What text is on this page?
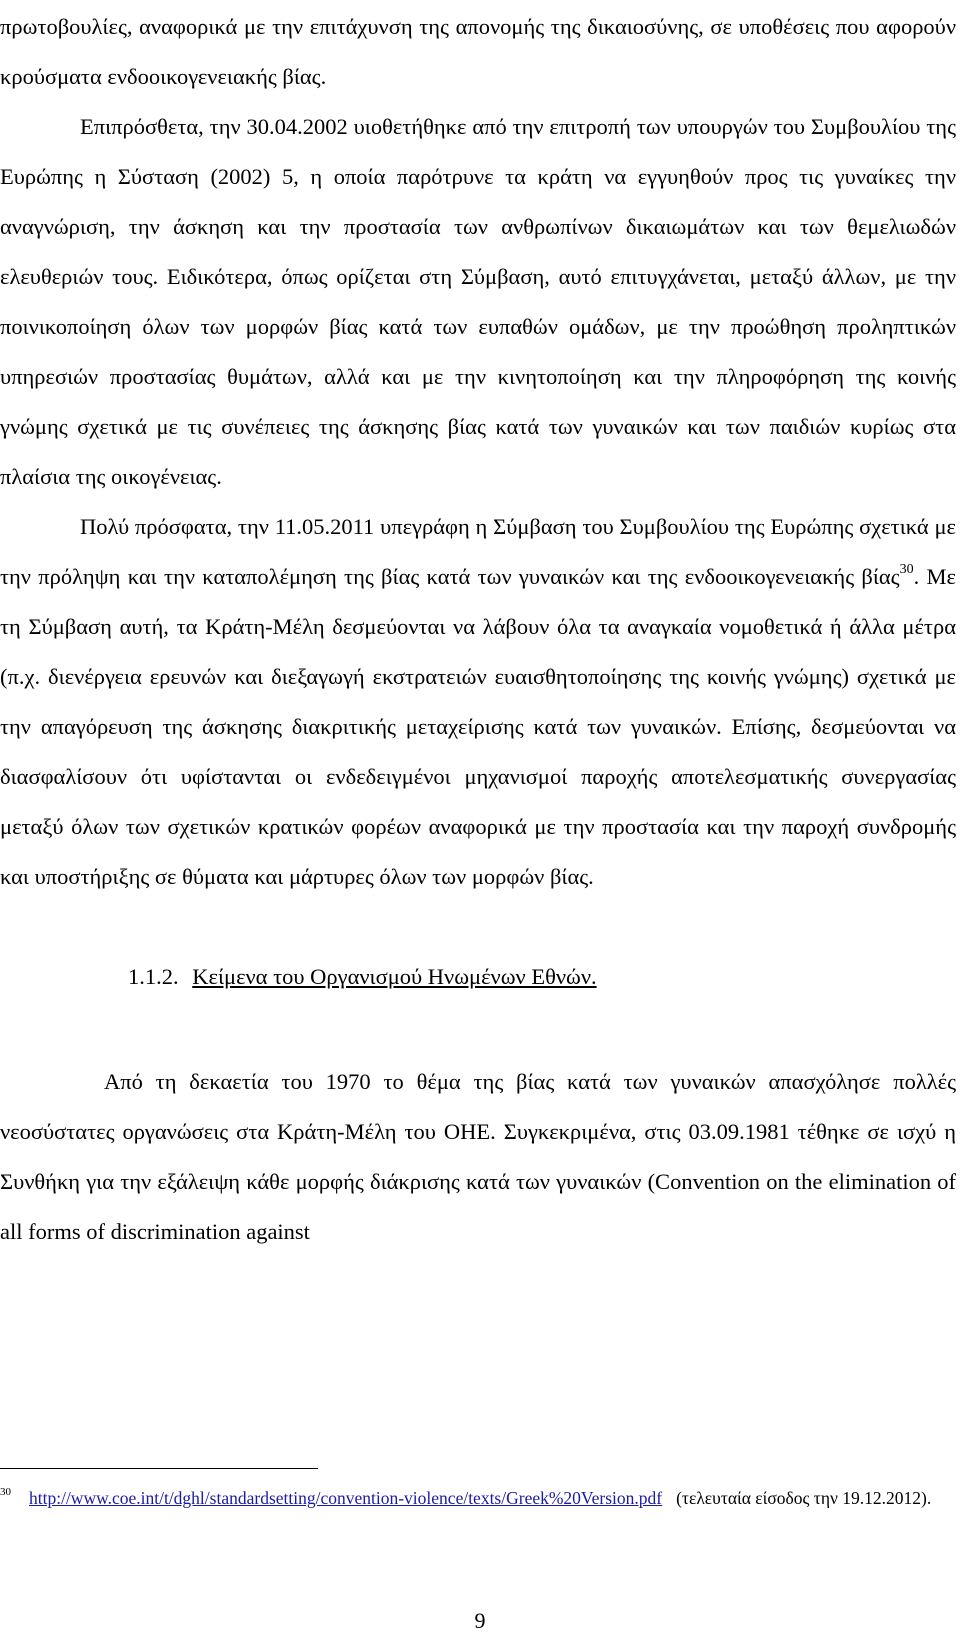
πρωτοβουλίες, αναφορικά με την επιτάχυνση της απονομής της δικαιοσύνης, σε υποθέσεις που αφορούν κρούσματα ενδοοικογενειακής βίας.

Επιπρόσθετα, την 30.04.2002 υιοθετήθηκε από την επιτροπή των υπουργών του Συμβουλίου της Ευρώπης η Σύσταση (2002) 5, η οποία παρότρυνε τα κράτη να εγγυηθούν προς τις γυναίκες την αναγνώριση, την άσκηση και την προστασία των ανθρωπίνων δικαιωμάτων και των θεμελιωδών ελευθεριών τους. Ειδικότερα, όπως ορίζεται στη Σύμβαση, αυτό επιτυγχάνεται, μεταξύ άλλων, με την ποινικοποίηση όλων των μορφών βίας κατά των ευπαθών ομάδων, με την προώθηση προληπτικών υπηρεσιών προστασίας θυμάτων, αλλά και με την κινητοποίηση και την πληροφόρηση της κοινής γνώμης σχετικά με τις συνέπειες της άσκησης βίας κατά των γυναικών και των παιδιών κυρίως στα πλαίσια της οικογένειας.

Πολύ πρόσφατα, την 11.05.2011 υπεγράφη η Σύμβαση του Συμβουλίου της Ευρώπης σχετικά με την πρόληψη και την καταπολέμηση της βίας κατά των γυναικών και της ενδοοικογενειακής βίας$^{30}$. Με τη Σύμβαση αυτή, τα Κράτη-Μέλη δεσμεύονται να λάβουν όλα τα αναγκαία νομοθετικά ή άλλα μέτρα (π.χ. διενέργεια ερευνών και διεξαγωγή εκστρατειών ευαισθητοποίησης της κοινής γνώμης) σχετικά με την απαγόρευση της άσκησης διακριτικής μεταχείρισης κατά των γυναικών. Επίσης, δεσμεύονται να διασφαλίσουν ότι υφίστανται οι ενδεδειγμένοι μηχανισμοί παροχής αποτελεσματικής συνεργασίας μεταξύ όλων των σχετικών κρατικών φορέων αναφορικά με την προστασία και την παροχή συνδρομής και υποστήριξης σε θύματα και μάρτυρες όλων των μορφών βίας.

1.1.2. Κείμενα του Οργανισμού Ηνωμένων Εθνών.

Από τη δεκαετία του 1970 το θέμα της βίας κατά των γυναικών απασχόλησε πολλές νεοσύστατες οργανώσεις στα Κράτη-Μέλη του ΟΗΕ. Συγκεκριμένα, στις 03.09.1981 τέθηκε σε ισχύ η Συνθήκη για την εξάλειψη κάθε μορφής διάκρισης κατά των γυναικών (Convention on the elimination of all forms of discrimination against

$^{30}$ http://www.coe.int/t/dghl/standardsetting/convention-violence/texts/Greek%20Version.pdf (τελευταία είσοδος την 19.12.2012).
9
